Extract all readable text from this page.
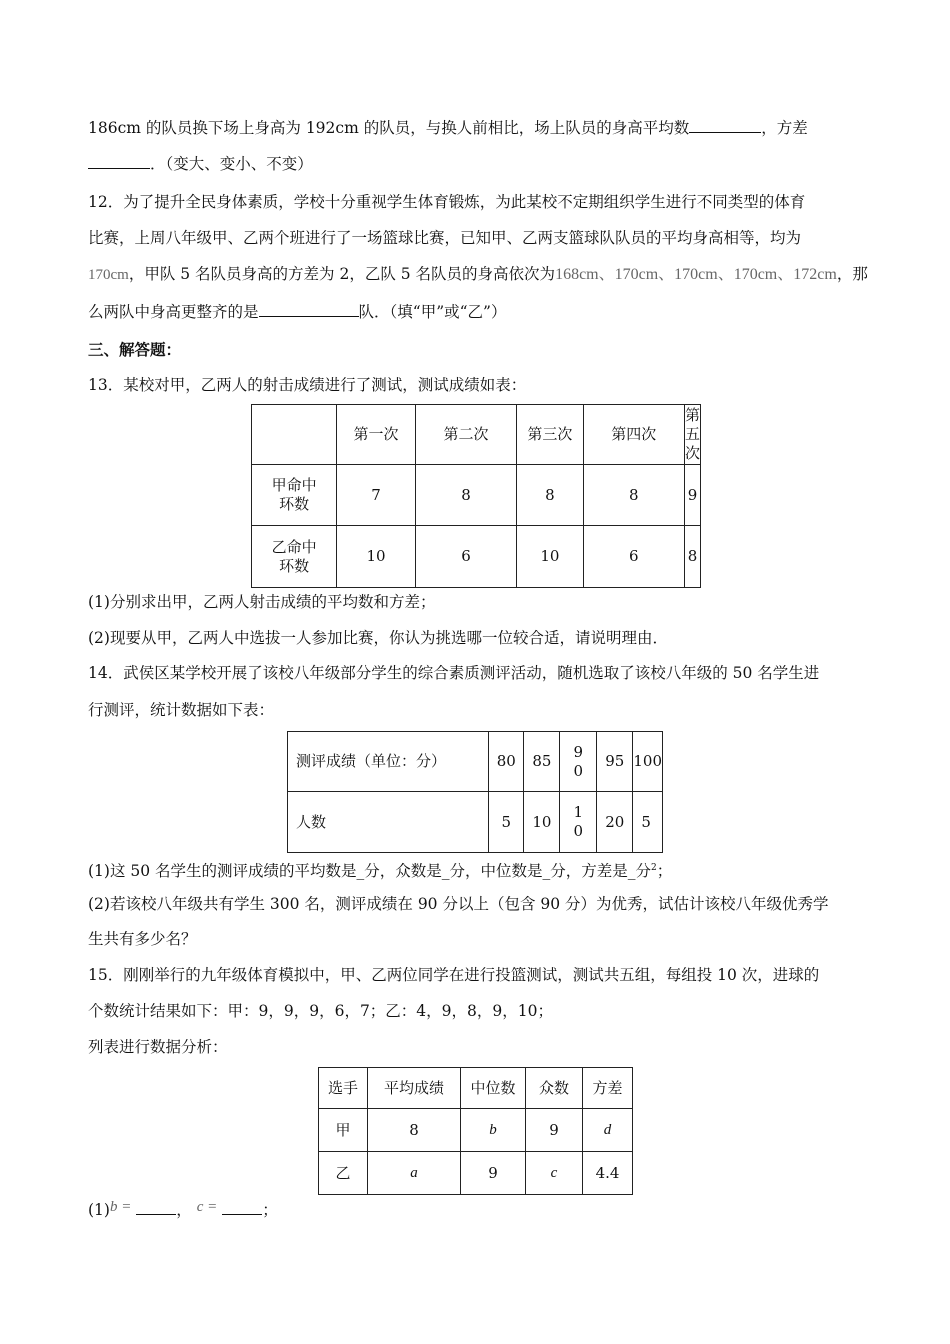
186cm 的队员换下场上身高为 192cm 的队员，与换人前相比，场上队员的身高平均数	，方差
．（变大、变小、不变）
12．为了提升全民身体素质，学校十分重视学生体育锻炼，为此某校不定期组织学生进行不同类型的体育
比赛，上周八年级甲、乙两个班进行了一场篮球比赛，已知甲、乙两支篮球队队员的平均身高相等，均为
170cm，甲队 5 名队员身高的方差为 2，乙队 5 名队员的身高依次为168cm、170cm、170cm、170cm、172cm，那
么两队中身高更整齐的是	队．（填“甲”或“乙”）
三、解答题：
13．某校对甲，乙两人的射击成绩进行了测试，测试成绩如表：
	第一次	第二次	第三次	第四次	第五次
甲命中环数	7	8	8	8	9
乙命中环数	10	6	10	6	8
(1)分别求出甲，乙两人射击成绩的平均数和方差；
(2)现要从甲，乙两人中选拔一人参加比赛，你认为挑选哪一位较合适，请说明理由．
14．武侯区某学校开展了该校八年级部分学生的综合素质测评活动，随机选取了该校八年级的 50 名学生进
行测评，统计数据如下表：
测评成绩（单位：分）	80	85	90	95	100
人数	5	10	10	20	5
(1)这 50 名学生的测评成绩的平均数是_分，众数是_分，中位数是_分，方差是_分$^2$；
(2)若该校八年级共有学生 300 名，测评成绩在 90 分以上（包含 90 分）为优秀，试估计该校八年级优秀学
生共有多少名？
15．刚刚举行的九年级体育模拟中，甲、乙两位同学在进行投篮测试，测试共五组，每组投 10 次，进球的
个数统计结果如下：甲：9，9，9，6，7；乙：4，9，8，9，10；
列表进行数据分析：
选手	平均成绩	中位数	众数	方差
甲	8	b	9	d
乙	a	9	c	4.4
(1)b =	， c =	；
